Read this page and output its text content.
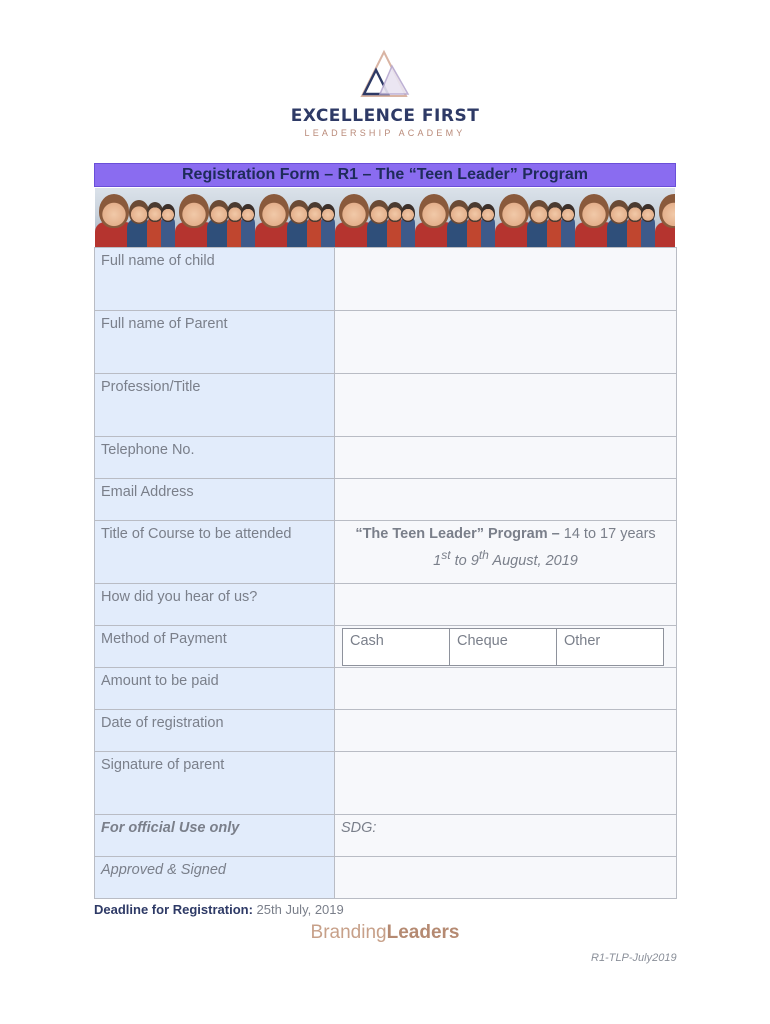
EXCELLENCE FIRST
LEADERSHIP ACADEMY
Registration Form – R1 – The “Teen Leader” Program
Full name of child	
Full name of Parent	
Profession/Title	
Telephone No.	
Email Address	
Title of Course to be attended	“The Teen Leader” Program – 14 to 17 years
1st to 9th August, 2019
How did you hear of us?	
Method of Payment		Cash	Cheque	Other

Amount to be paid	
Date of registration	
Signature of parent	
For official Use only	SDG:
Approved & Signed	
Deadline for Registration: 25th July, 2019
BrandingLeaders
R1-TLP-July2019
